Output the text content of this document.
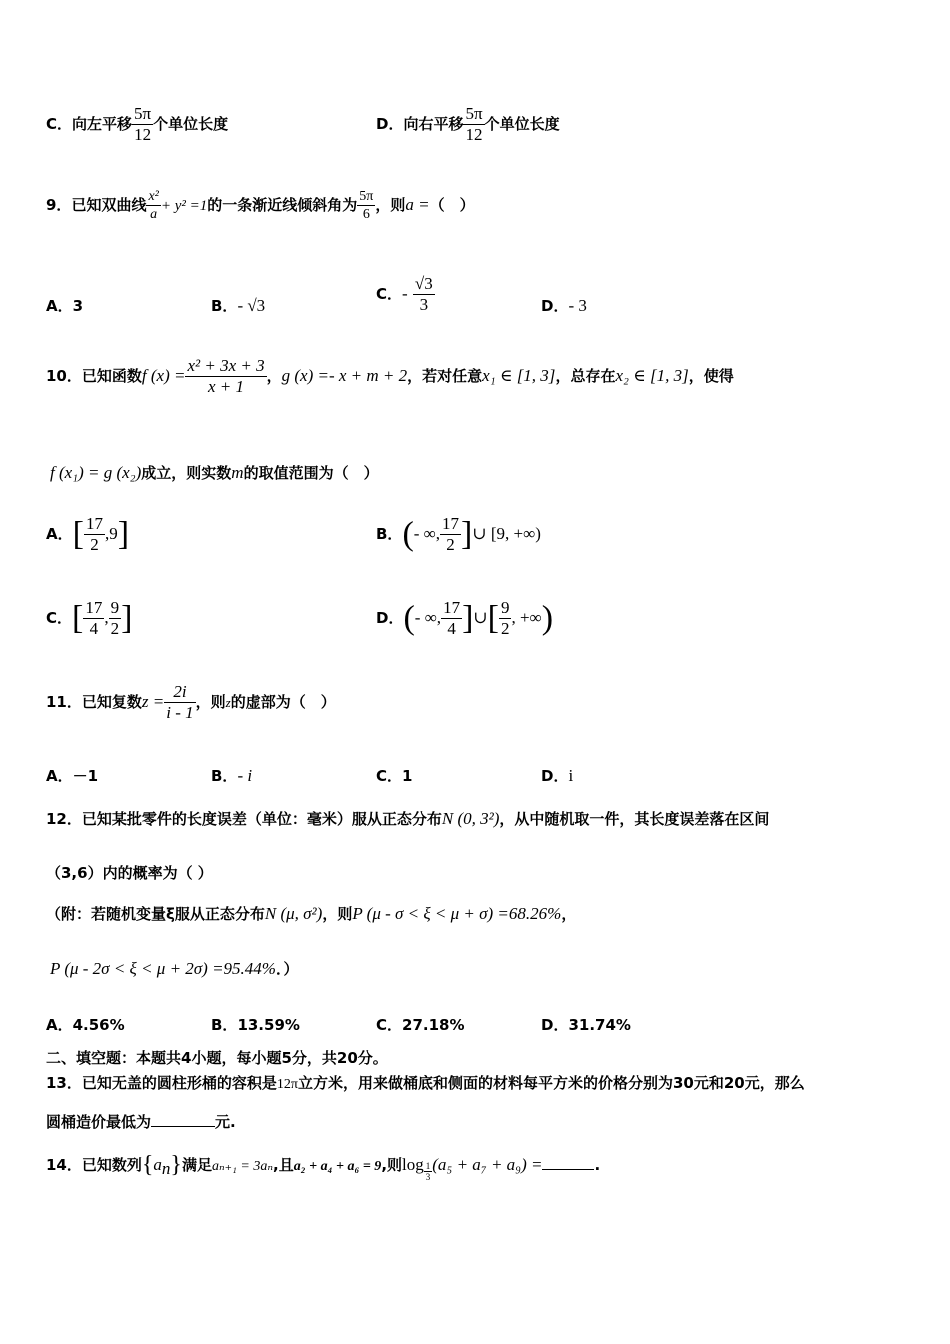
C．向左平移 $\frac{5\pi}{12}$ 个单位长度	D．向右平移 $\frac{5\pi}{12}$ 个单位长度
9．已知双曲线 $\frac{\text{x²}}{a} + y^2 =1$的一条渐近线倾斜角为 $\frac{5\pi}{6}$ ，则a =（　）
A．3	B．- √3
C．- $\frac{√3}{3}$	D．- 3
10．已知函数f $(x) = \frac{\text{x² + 3x + 3}}{x + 1}$ ，g (x) =- x + m + 2，若对任意x₁ ∈ [1, 3]，总存在x₂ ∈ [1, 3]，使得
f (x₁) = g (x₂)成立，则实数m的取值范围为（　）
A．[ $\frac{17}{2} ,9$]	B．(- ∞, $\frac{17}{2}$ ]∪ [9, +∞)
C．[ $\frac{17}{4}$ , $\frac{9}{2}$ ]	D．(- ∞, $\frac{17}{4}$ ]∪[ $\frac{9}{2}$ , +∞)
11．已知复数$z = \frac{2i}{i - 1}$ ，则z的虚部为（　）
A．－1	B．- i	C．1	D．i
12．已知某批零件的长度误差（单位：毫米）服从正态分布N (0, 3²)，从中随机取一件，其长度误差落在区间
（3,6）内的概率为（ ）
（附：若随机变量ξ服从正态分布N (μ, σ²)，则P (μ - σ < ξ < μ + σ) =68.26%，
P (μ - 2σ < ξ < μ + 2σ) =95.44%．）
A．4.56%	B．13.59%	C．27.18%	D．31.74%
二、填空题：本题共4小题，每小题5分，共20分。
13．已知无盖的圆柱形桶的容积是12π立方米，用来做桶底和侧面的材料每平方米的价格分别为30元和20元，那么
圆桶造价最低为	元.
14．已知数列$\{a_n\}$满足aₙ₊₁ = 3aₙ,且a₂ + a₄ + a₆ = 9,则$\log \frac{1}{3} (a_5 + a_7 + a_9)$ =	.
